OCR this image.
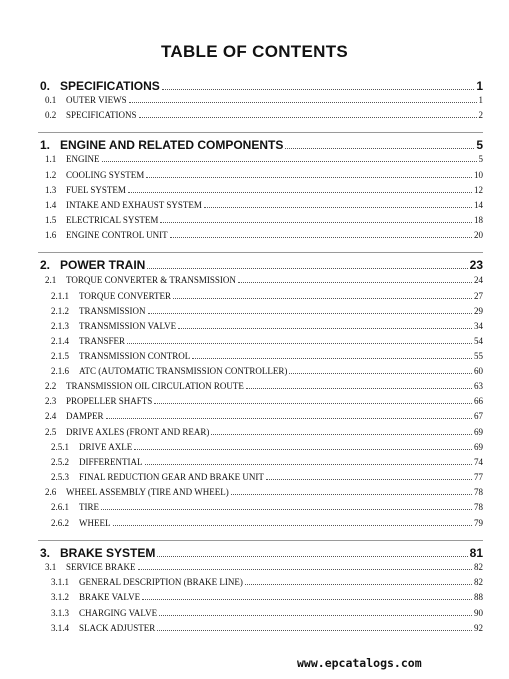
TABLE OF CONTENTS
0. SPECIFICATIONS	1
0.1	OUTER VIEWS	1
0.2	SPECIFICATIONS	2
1. ENGINE AND RELATED COMPONENTS	5
1.1	ENGINE	5
1.2	COOLING SYSTEM	10
1.3	FUEL SYSTEM	12
1.4	INTAKE AND EXHAUST SYSTEM	14
1.5	ELECTRICAL SYSTEM	18
1.6	ENGINE CONTROL UNIT	20
2. POWER TRAIN	23
2.1	TORQUE CONVERTER & TRANSMISSION	24
2.1.1	TORQUE CONVERTER	27
2.1.2	TRANSMISSION	29
2.1.3	TRANSMISSION VALVE	34
2.1.4	TRANSFER	54
2.1.5	TRANSMISSION CONTROL	55
2.1.6	ATC (AUTOMATIC TRANSMISSION CONTROLLER)	60
2.2	TRANSMISSION OIL CIRCULATION ROUTE	63
2.3	PROPELLER SHAFTS	66
2.4	DAMPER	67
2.5	DRIVE AXLES (FRONT AND REAR)	69
2.5.1	DRIVE AXLE	69
2.5.2	DIFFERENTIAL	74
2.5.3	FINAL REDUCTION GEAR AND BRAKE UNIT	77
2.6	WHEEL ASSEMBLY (TIRE AND WHEEL)	78
2.6.1	TIRE	78
2.6.2	WHEEL	79
3. BRAKE SYSTEM	81
3.1	SERVICE BRAKE	82
3.1.1	GENERAL DESCRIPTION (BRAKE LINE)	82
3.1.2	BRAKE VALVE	88
3.1.3	CHARGING VALVE	90
3.1.4	SLACK ADJUSTER	92
www.epcatalogs.com
